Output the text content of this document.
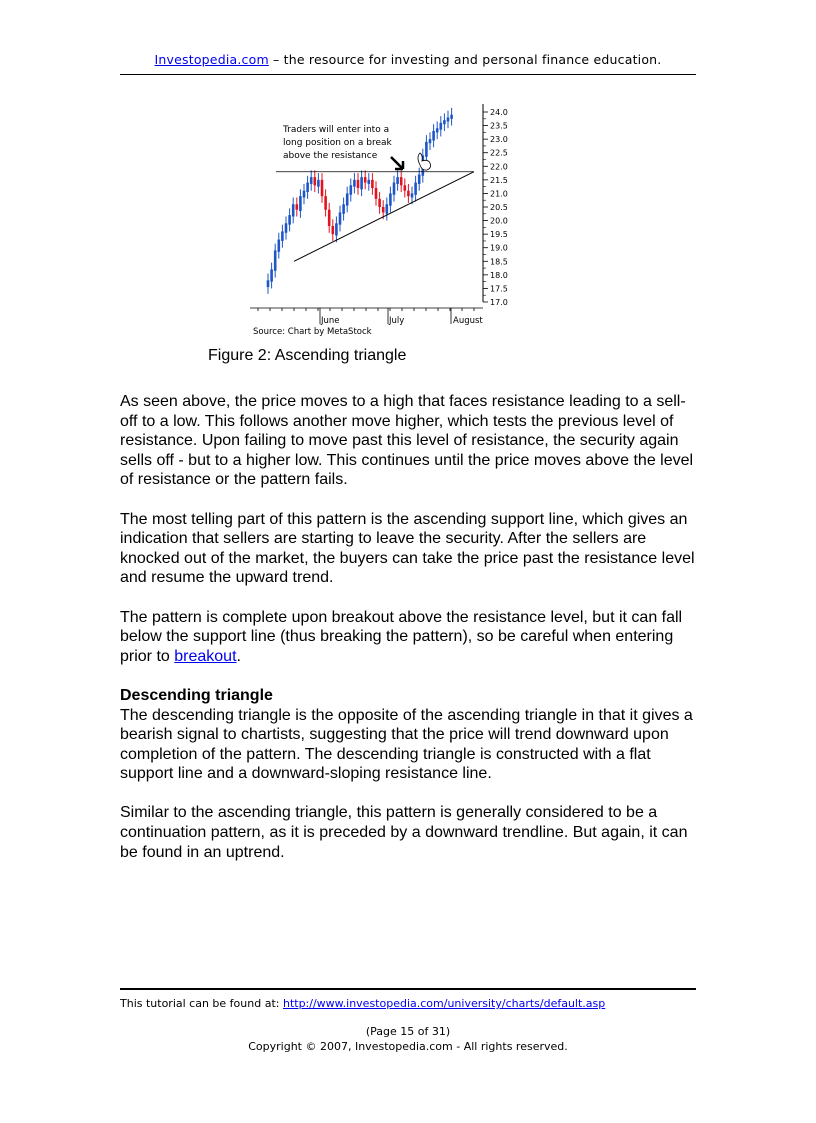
Investopedia.com – the resource for investing and personal finance education.
Traders will enter into a
long position on a break
above the resistance
24.0
23.5
23.0
22.5
22.0
21.5
21.0
20.5
20.0
19.5
19.0
18.5
18.0
17.5
17.0
June	July	August
Source: Chart by MetaStock
Figure 2: Ascending triangle

As seen above, the price moves to a high that faces resistance leading to a sell-off to a low. This follows another move higher, which tests the previous level of resistance. Upon failing to move past this level of resistance, the security again sells off - but to a higher low. This continues until the price moves above the level of resistance or the pattern fails.

The most telling part of this pattern is the ascending support line, which gives an indication that sellers are starting to leave the security. After the sellers are knocked out of the market, the buyers can take the price past the resistance level and resume the upward trend.

The pattern is complete upon breakout above the resistance level, but it can fall below the support line (thus breaking the pattern), so be careful when entering prior to breakout.

Descending triangle

The descending triangle is the opposite of the ascending triangle in that it gives a bearish signal to chartists, suggesting that the price will trend downward upon completion of the pattern. The descending triangle is constructed with a flat support line and a downward-sloping resistance line.

Similar to the ascending triangle, this pattern is generally considered to be a continuation pattern, as it is preceded by a downward trendline. But again, it can be found in an uptrend.

This tutorial can be found at: http://www.investopedia.com/university/charts/default.asp
(Page 15 of 31)
Copyright © 2007, Investopedia.com - All rights reserved.
